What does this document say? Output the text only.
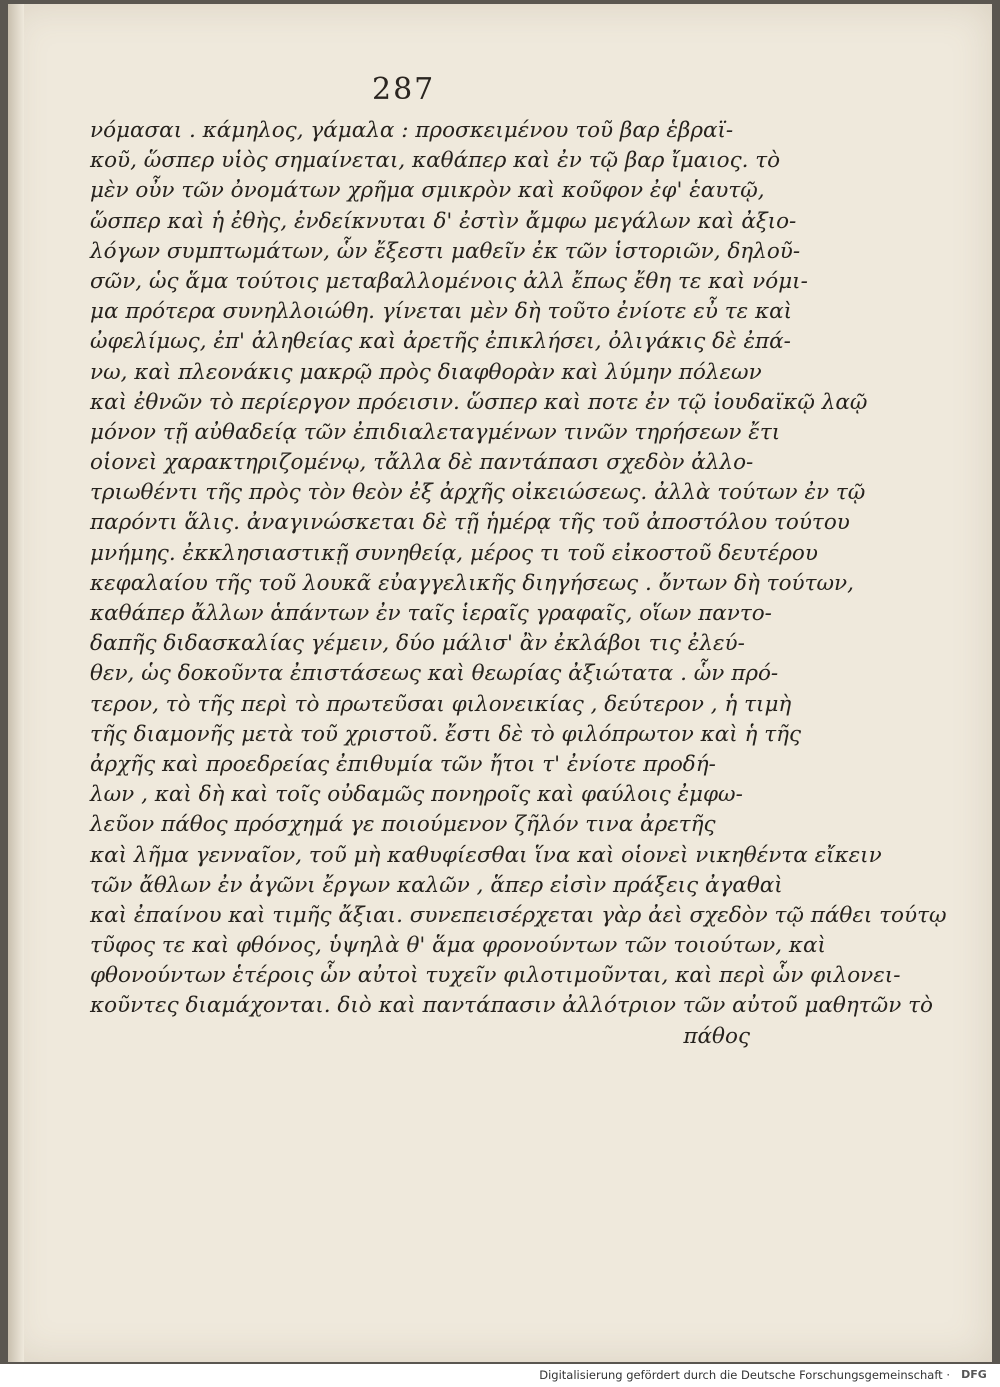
287
νόμασαι . κάμηλος, γάμαλα : προσκειμένου τοῦ βαρ ἑβραϊ-
κοῦ, ὥσπερ υἱὸς σημαίνεται, καθάπερ καὶ ἐν τῷ βαρ ἴμαιος. τὸ
μὲν οὖν τῶν ὀνομάτων χρῆμα σμικρὸν καὶ κοῦφον ἐφ' ἑαυτῷ,
ὥσπερ καὶ ἡ ἐθὴς, ἐνδείκνυται δ' ἐστὶν ἄμφω μεγάλων καὶ ἀξιο-
λόγων συμπτωμάτων, ὧν ἔξεστι μαθεῖν ἐκ τῶν ἱστοριῶν, δηλοῦ-
σῶν, ὡς ἅμα τούτοις μεταβαλλομένοις ἀλλ ἔπως ἔθη τε καὶ νόμι-
μα πρότερα συνηλλοιώθη. γίνεται μὲν δὴ τοῦτο ἐνίοτε εὖ τε καὶ
ὠφελίμως, ἐπ' ἀληθείας καὶ ἀρετῆς ἐπικλήσει, ὀλιγάκις δὲ ἐπά-
νω, καὶ πλεονάκις μακρῷ πρὸς διαφθορὰν καὶ λύμην πόλεων
καὶ ἐθνῶν τὸ περίεργον πρόεισιν. ὥσπερ καὶ ποτε ἐν τῷ ἰουδαϊκῷ λαῷ
μόνον τῇ αὐθαδείᾳ τῶν ἐπιδιαλεταγμένων τινῶν τηρήσεων ἔτι
οἱονεὶ χαρακτηριζομένῳ, τἄλλα δὲ παντάπασι σχεδὸν ἀλλο-
τριωθέντι τῆς πρὸς τὸν θεὸν ἐξ ἀρχῆς οἰκειώσεως. ἀλλὰ τούτων ἐν τῷ
παρόντι ἅλις. ἀναγινώσκεται δὲ τῇ ἡμέρᾳ τῆς τοῦ ἀποστόλου τούτου
μνήμης. ἐκκλησιαστικῇ συνηθείᾳ, μέρος τι τοῦ εἰκοστοῦ δευτέρου
κεφαλαίου τῆς τοῦ λουκᾶ εὐαγγελικῆς διηγήσεως . ὄντων δὴ τούτων,
καθάπερ ἄλλων ἁπάντων ἐν ταῖς ἱεραῖς γραφαῖς, οἵων παντο-
δαπῆς διδασκαλίας γέμειν, δύο μάλισ' ἂν ἐκλάβοι τις ἐλεύ-
θεν, ὡς δοκοῦντα ἐπιστάσεως καὶ θεωρίας ἀξιώτατα . ὧν πρό-
τερον, τὸ τῆς περὶ τὸ πρωτεῦσαι φιλονεικίας , δεύτερον , ἡ τιμὴ
τῆς διαμονῆς μετὰ τοῦ χριστοῦ. ἔστι δὲ τὸ φιλόπρωτον καὶ ἡ τῆς
ἀρχῆς καὶ προεδρείας ἐπιθυμία τῶν ἤτοι τ' ἐνίοτε προδή-
λων , καὶ δὴ καὶ τοῖς οὐδαμῶς πονηροῖς καὶ φαύλοις ἐμφω-
λεῦον πάθος πρόσχημά γε ποιούμενον ζῆλόν τινα ἀρετῆς
καὶ λῆμα γενναῖον, τοῦ μὴ καθυφίεσθαι ἵνα καὶ οἱονεὶ νικηθέντα εἴκειν
τῶν ἄθλων ἐν ἀγῶνι ἔργων καλῶν , ἅπερ εἰσὶν πράξεις ἀγαθαὶ
καὶ ἐπαίνου καὶ τιμῆς ἄξιαι. συνεπεισέρχεται γὰρ ἀεὶ σχεδὸν τῷ πάθει τούτῳ
τῦφος τε καὶ φθόνος, ὑψηλὰ θ' ἅμα φρονούντων τῶν τοιούτων, καὶ
φθονούντων ἑτέροις ὧν αὐτοὶ τυχεῖν φιλοτιμοῦνται, καὶ περὶ ὧν φιλονει-
κοῦντες διαμάχονται. διὸ καὶ παντάπασιν ἀλλότριον τῶν αὐτοῦ μαθητῶν τὸ
πάθος
Digitalisierung gefördert durch die Deutsche Forschungsgemeinschaft ·	DFG
